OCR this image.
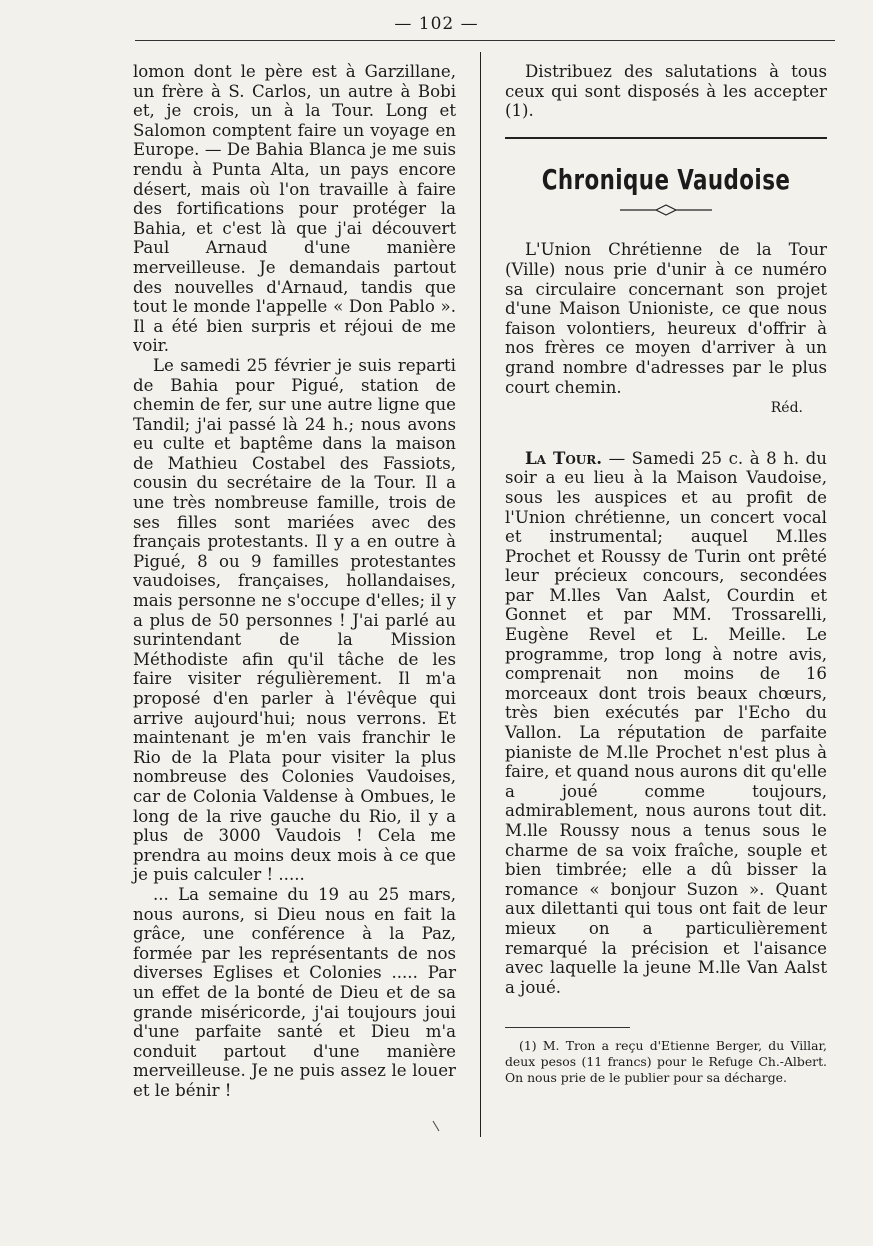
— 102 —

lomon dont le père est à Garzillane, un frère à S. Carlos, un autre à Bobi et, je crois, un à la Tour. Long et Salomon comptent faire un voyage en Europe. — De Bahia Blanca je me suis rendu à Punta Alta, un pays encore désert, mais où l'on travaille à faire des fortifications pour protéger la Bahia, et c'est là que j'ai découvert Paul Arnaud d'une manière merveilleuse. Je demandais partout des nouvelles d'Arnaud, tandis que tout le monde l'appelle « Don Pablo ». Il a été bien surpris et réjoui de me voir.

Le samedi 25 février je suis reparti de Bahia pour Pigué, station de chemin de fer, sur une autre ligne que Tandil; j'ai passé là 24 h.; nous avons eu culte et baptême dans la maison de Mathieu Costabel des Fassiots, cousin du secrétaire de la Tour. Il a une très nombreuse famille, trois de ses filles sont mariées avec des français protestants. Il y a en outre à Pigué, 8 ou 9 familles protestantes vaudoises, françaises, hollandaises, mais personne ne s'occupe d'elles; il y a plus de 50 personnes ! J'ai parlé au surintendant de la Mission Méthodiste afin qu'il tâche de les faire visiter régulièrement. Il m'a proposé d'en parler à l'évêque qui arrive aujourd'hui; nous verrons. Et maintenant je m'en vais franchir le Rio de la Plata pour visiter la plus nombreuse des Colonies Vaudoises, car de Colonia Valdense à Ombues, le long de la rive gauche du Rio, il y a plus de 3000 Vaudois ! Cela me prendra au moins deux mois à ce que je puis calculer ! .....

... La semaine du 19 au 25 mars, nous aurons, si Dieu nous en fait la grâce, une conférence à la Paz, formée par les représentants de nos diverses Eglises et Colonies ..... Par un effet de la bonté de Dieu et de sa grande miséricorde, j'ai toujours joui d'une parfaite santé et Dieu m'a conduit partout d'une manière merveilleuse. Je ne puis assez le louer et le bénir !

Distribuez des salutations à tous ceux qui sont disposés à les accepter (1).

Chronique Vaudoise

L'Union Chrétienne de la Tour (Ville) nous prie d'unir à ce numéro sa circulaire concernant son projet d'une Maison Unioniste, ce que nous faison volontiers, heureux d'offrir à nos frères ce moyen d'arriver à un grand nombre d'adresses par le plus court chemin.

Réd.

La Tour. — Samedi 25 c. à 8 h. du soir a eu lieu à la Maison Vaudoise, sous les auspices et au profit de l'Union chrétienne, un concert vocal et instrumental; auquel M.lles Prochet et Roussy de Turin ont prêté leur précieux concours, secondées par M.lles Van Aalst, Courdin et Gonnet et par MM. Trossarelli, Eugène Revel et L. Meille. Le programme, trop long à notre avis, comprenait non moins de 16 morceaux dont trois beaux chœurs, très bien exécutés par l'Echo du Vallon. La réputation de parfaite pianiste de M.lle Prochet n'est plus à faire, et quand nous aurons dit qu'elle a joué comme toujours, admirablement, nous aurons tout dit. M.lle Roussy nous a tenus sous le charme de sa voix fraîche, souple et bien timbrée; elle a dû bisser la romance « bonjour Suzon ». Quant aux dilettanti qui tous ont fait de leur mieux on a particulièrement remarqué la précision et l'aisance avec laquelle la jeune M.lle Van Aalst a joué.

(1) M. Tron a reçu d'Etienne Berger, du Villar, deux pesos (11 francs) pour le Refuge Ch.-Albert. On nous prie de le publier pour sa décharge.
